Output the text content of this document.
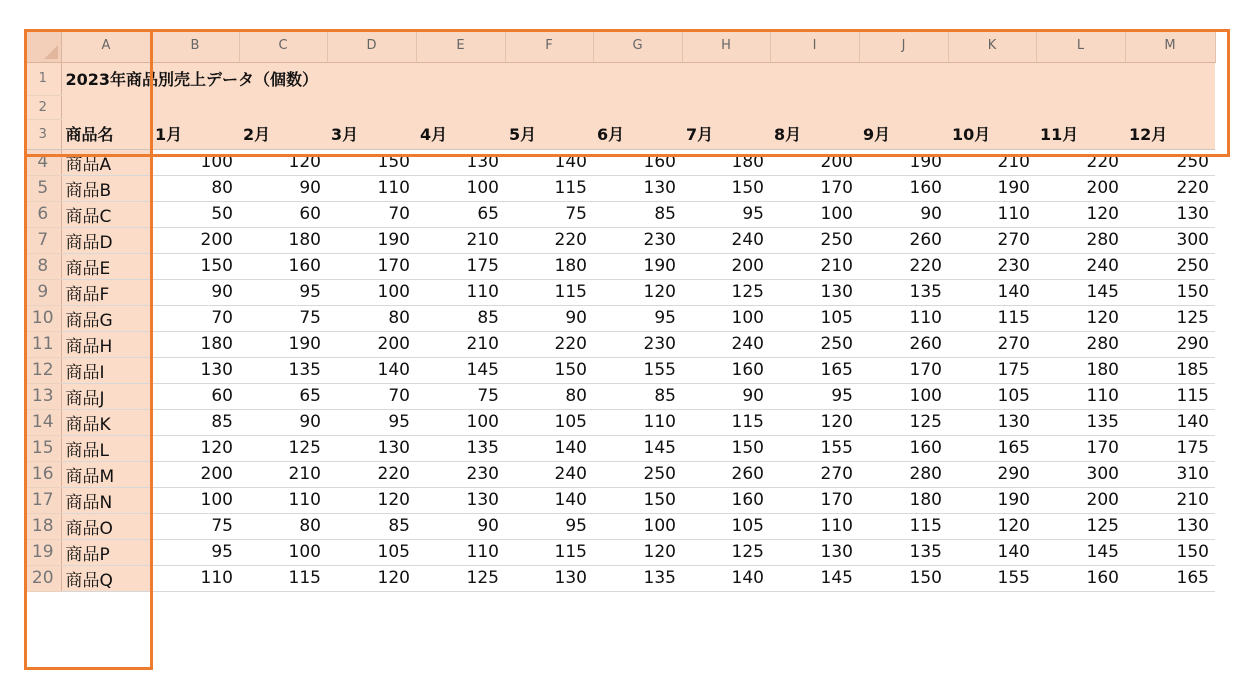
	A	B	C	D	E	F	G	H	I	J	K	L	M
1	2023年商品別売上データ（個数）												
2													
3	商品名	1月	2月	3月	4月	5月	6月	7月	8月	9月	10月	11月	12月
4	商品A	100	120	150	130	140	160	180	200	190	210	220	250
5	商品B	80	90	110	100	115	130	150	170	160	190	200	220
6	商品C	50	60	70	65	75	85	95	100	90	110	120	130
7	商品D	200	180	190	210	220	230	240	250	260	270	280	300
8	商品E	150	160	170	175	180	190	200	210	220	230	240	250
9	商品F	90	95	100	110	115	120	125	130	135	140	145	150
10	商品G	70	75	80	85	90	95	100	105	110	115	120	125
11	商品H	180	190	200	210	220	230	240	250	260	270	280	290
12	商品I	130	135	140	145	150	155	160	165	170	175	180	185
13	商品J	60	65	70	75	80	85	90	95	100	105	110	115
14	商品K	85	90	95	100	105	110	115	120	125	130	135	140
15	商品L	120	125	130	135	140	145	150	155	160	165	170	175
16	商品M	200	210	220	230	240	250	260	270	280	290	300	310
17	商品N	100	110	120	130	140	150	160	170	180	190	200	210
18	商品O	75	80	85	90	95	100	105	110	115	120	125	130
19	商品P	95	100	105	110	115	120	125	130	135	140	145	150
20	商品Q	110	115	120	125	130	135	140	145	150	155	160	165
